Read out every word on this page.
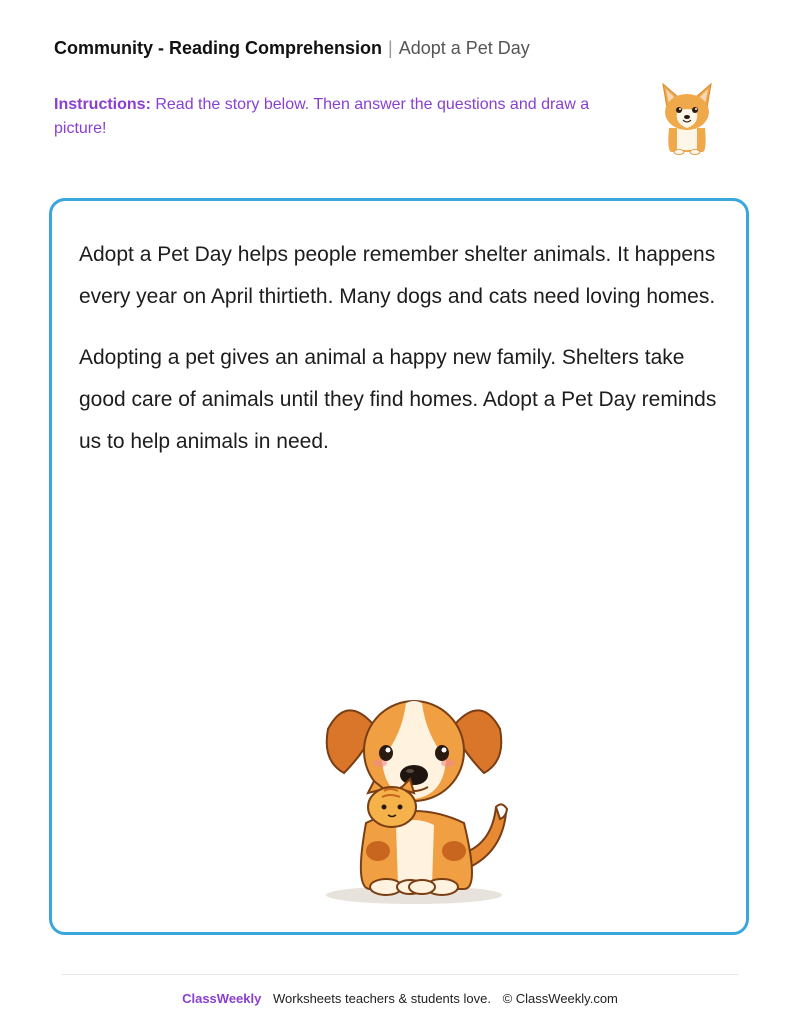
Community - Reading Comprehension | Adopt a Pet Day
Instructions: Read the story below. Then answer the questions and draw a picture!

Adopt a Pet Day helps people remember shelter animals. It happens every year on April thirtieth. Many dogs and cats need loving homes.

Adopting a pet gives an animal a happy new family. Shelters take good care of animals until they find homes. Adopt a Pet Day reminds us to help animals in need.

ClassWeekly Worksheets teachers & students love. © ClassWeekly.com
